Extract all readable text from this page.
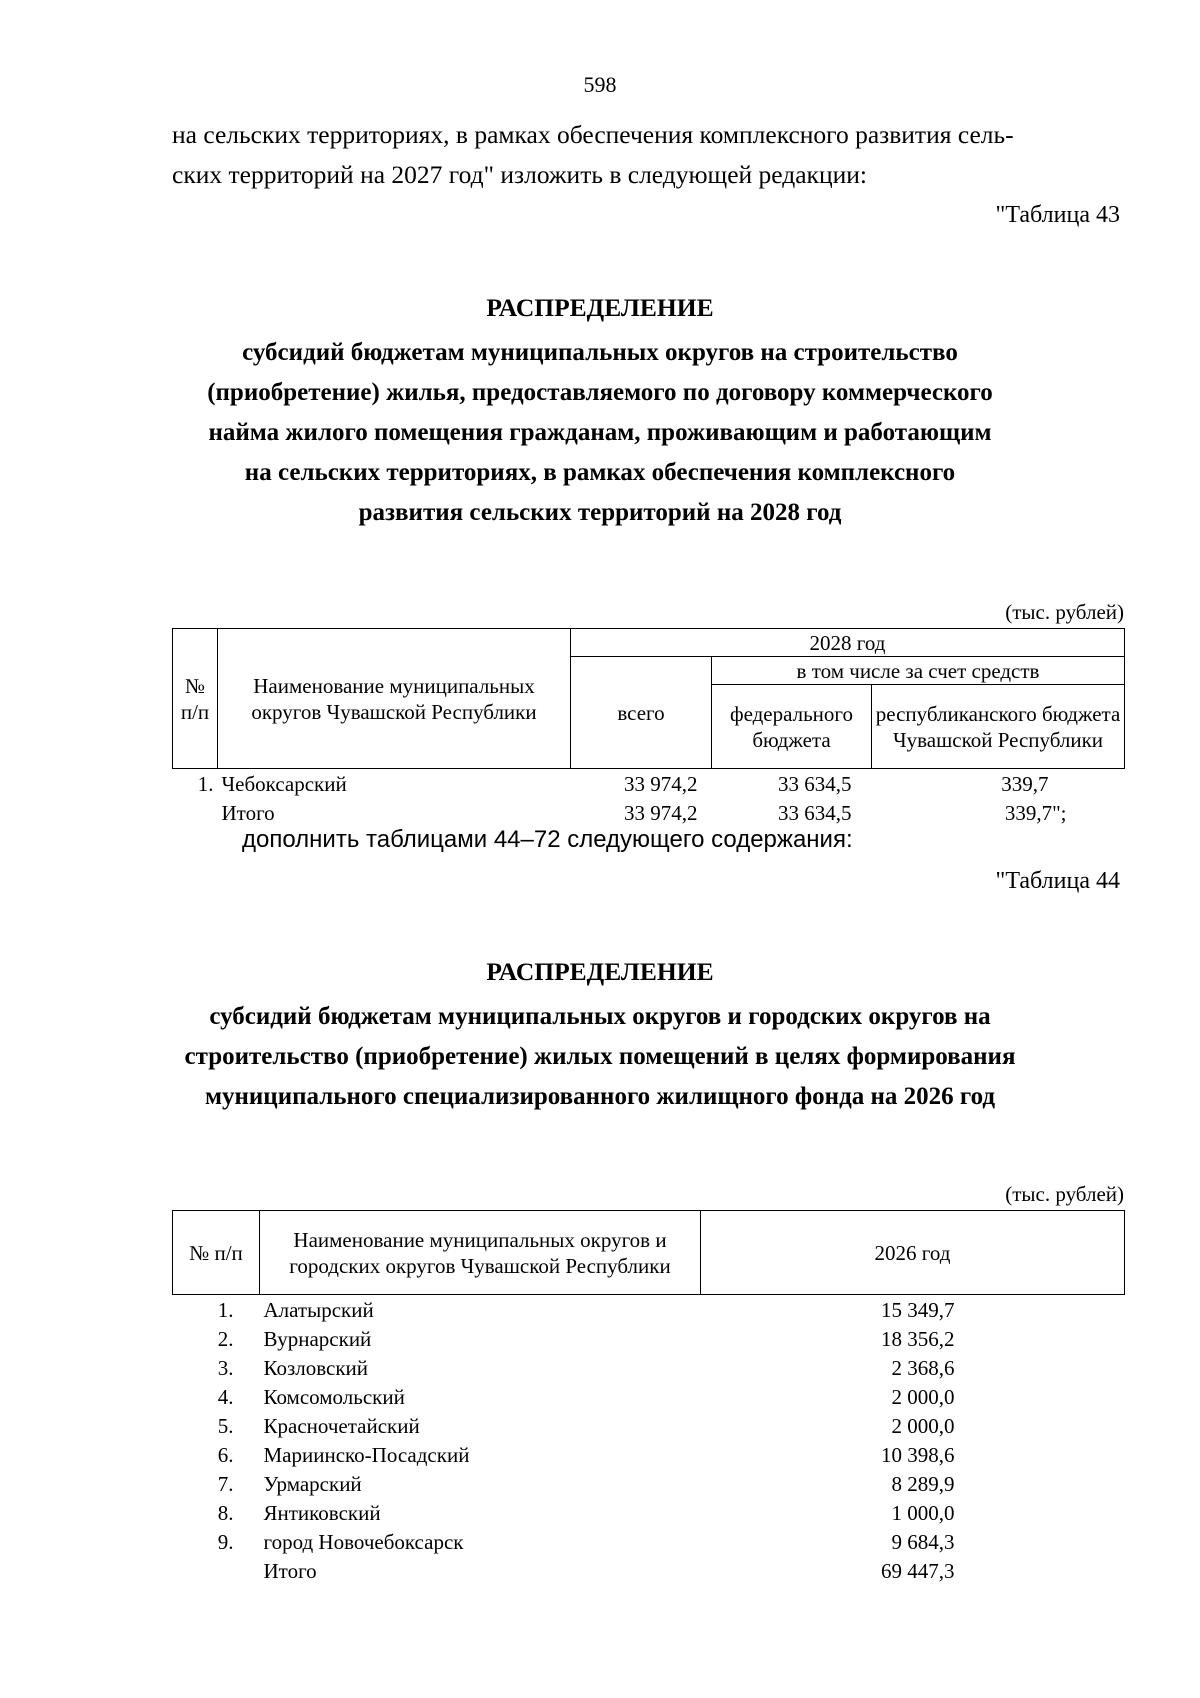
598
на сельских территориях, в рамках обеспечения комплексного развития сель-
ских территорий на 2027 год" изложить в следующей редакции:
"Таблица 43
РАСПРЕДЕЛЕНИЕ
субсидий бюджетам муниципальных округов на строительство
(приобретение) жилья, предоставляемого по договору коммерческого
найма жилого помещения гражданам, проживающим и работающим
на сельских территориях, в рамках обеспечения комплексного
развития сельских территорий на 2028 год
(тыс. рублей)
№ п/п	Наименование муниципальных округов Чувашской Республики	2028 год		
		всего	в том числе за счет средств	
			федерального бюджета	республиканского бюджета Чувашской Республики
1.	Чебоксарский	33 974,2	33 634,5	339,7
	Итого	33 974,2	33 634,5	339,7";
дополнить таблицами 44–72 следующего содержания:
"Таблица 44
РАСПРЕДЕЛЕНИЕ
субсидий бюджетам муниципальных округов и городских округов на
строительство (приобретение) жилых помещений в целях формирования
муниципального специализированного жилищного фонда на 2026 год
(тыс. рублей)
№ п/п	Наименование муниципальных округов и городских округов Чувашской Республики	2026 год
1.	Алатырский	15 349,7
2.	Вурнарский	18 356,2
3.	Козловский	2 368,6
4.	Комсомольский	2 000,0
5.	Красночетайский	2 000,0
6.	Мариинско-Посадский	10 398,6
7.	Урмарский	8 289,9
8.	Янтиковский	1 000,0
9.	город Новочебоксарск	9 684,3
	Итого	69 447,3
